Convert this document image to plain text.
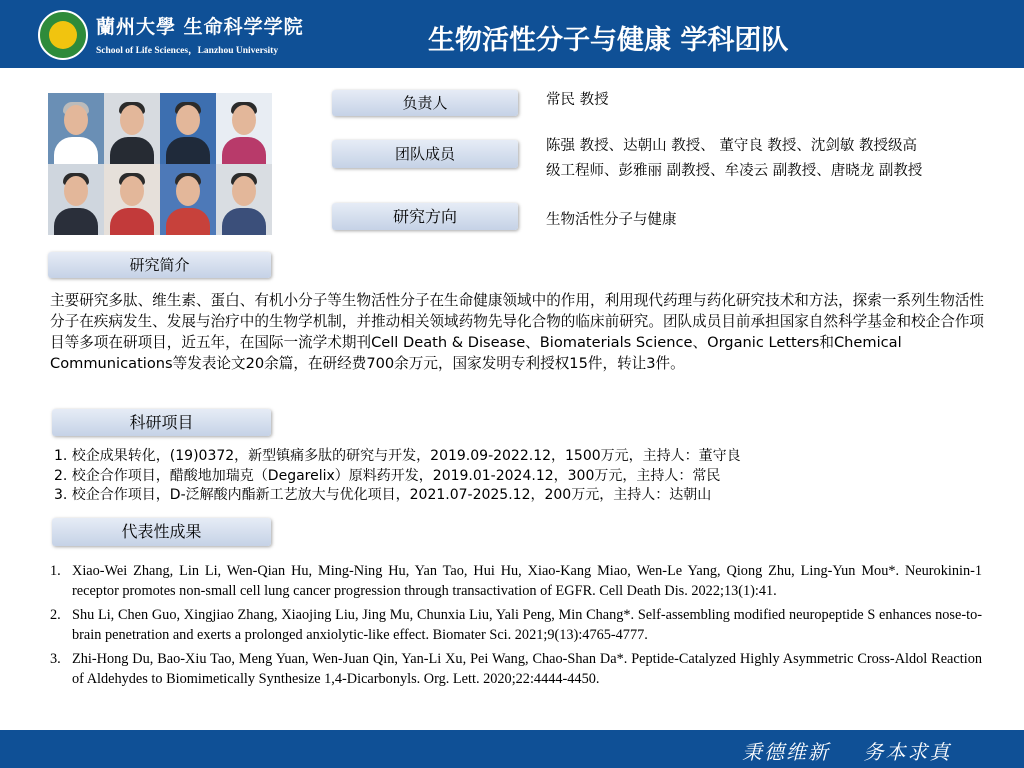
蘭州大學 生命科学学院
School of Life Sciences，Lanzhou University	生物活性分子与健康 学科团队
负责人	常民 教授
团队成员	陈强 教授、达朝山 教授、 董守良 教授、沈剑敏 教授级高
级工程师、彭雅丽 副教授、牟凌云 副教授、唐晓龙 副教授
研究方向	生物活性分子与健康
研究简介
主要研究多肽、维生素、蛋白、有机小分子等生物活性分子在生命健康领域中的作用，利用现代药理与药化研究技术和方法，探索一系列生物活性分子在疾病发生、发展与治疗中的生物学机制，并推动相关领域药物先导化合物的临床前研究。团队成员目前承担国家自然科学基金和校企合作项目等多项在研项目，近五年，在国际一流学术期刊Cell Death & Disease、Biomaterials Science、Organic Letters和Chemical Communications等发表论文20余篇，在研经费700余万元，国家发明专利授权15件，转让3件。
科研项目
1. 校企成果转化，(19)0372，新型镇痛多肽的研究与开发，2019.09-2022.12，1500万元，主持人：董守良
2. 校企合作项目，醋酸地加瑞克（Degarelix）原料药开发，2019.01-2024.12，300万元，主持人：常民
3. 校企合作项目，D-泛解酸内酯新工艺放大与优化项目，2021.07-2025.12，200万元，主持人：达朝山
代表性成果
1. Xiao-Wei Zhang, Lin Li, Wen-Qian Hu, Ming-Ning Hu, Yan Tao, Hui Hu, Xiao-Kang Miao, Wen-Le Yang, Qiong Zhu, Ling-Yun Mou*. Neurokinin-1 receptor promotes non-small cell lung cancer progression through transactivation of EGFR. Cell Death Dis. 2022;13(1):41.
2. Shu Li, Chen Guo, Xingjiao Zhang, Xiaojing Liu, Jing Mu, Chunxia Liu, Yali Peng, Min Chang*. Self-assembling modified neuropeptide S enhances nose-to-brain penetration and exerts a prolonged anxiolytic-like effect. Biomater Sci. 2021;9(13):4765-4777.
3. Zhi-Hong Du, Bao-Xiu Tao, Meng Yuan, Wen-Juan Qin, Yan-Li Xu, Pei Wang, Chao-Shan Da*. Peptide-Catalyzed Highly Asymmetric Cross-Aldol Reaction of Aldehydes to Biomimetically Synthesize 1,4-Dicarbonyls. Org. Lett. 2020;22:4444-4450.
秉德维新    务本求真
